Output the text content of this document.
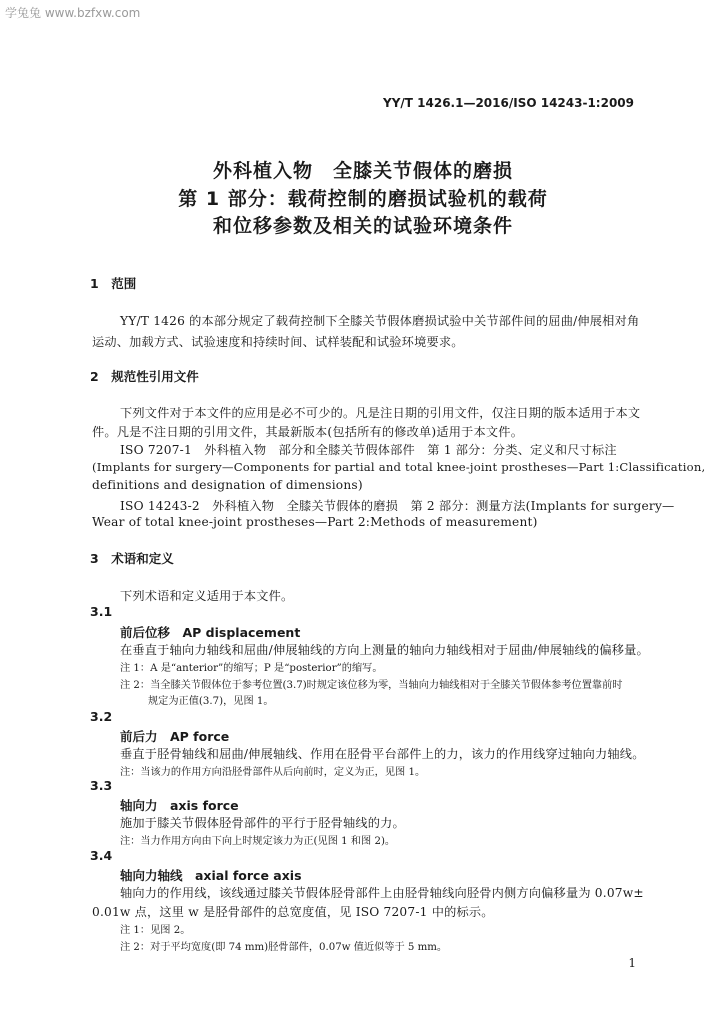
学兔兔 www.bzfxw.com
YY/T 1426.1—2016/ISO 14243-1:2009
外科植入物　全膝关节假体的磨损
第 1 部分：载荷控制的磨损试验机的载荷
和位移参数及相关的试验环境条件
1　范围
YY/T 1426 的本部分规定了载荷控制下全膝关节假体磨损试验中关节部件间的屈曲/伸展相对角
运动、加载方式、试验速度和持续时间、试样装配和试验环境要求。
2　规范性引用文件
下列文件对于本文件的应用是必不可少的。凡是注日期的引用文件，仅注日期的版本适用于本文
件。凡是不注日期的引用文件，其最新版本(包括所有的修改单)适用于本文件。
ISO 7207-1　外科植入物　部分和全膝关节假体部件　第 1 部分：分类、定义和尺寸标注
(Implants for surgery—Components for partial and total knee-joint prostheses—Part 1:Classification,
definitions and designation of dimensions)
ISO 14243-2　外科植入物　全膝关节假体的磨损　第 2 部分：测量方法(Implants for surgery—
Wear of total knee-joint prostheses—Part 2:Methods of measurement)
3　术语和定义
下列术语和定义适用于本文件。
3.1
前后位移　AP displacement
在垂直于轴向力轴线和屈曲/伸展轴线的方向上测量的轴向力轴线相对于屈曲/伸展轴线的偏移量。
注 1：A 是“anterior”的缩写；P 是“posterior”的缩写。
注 2：当全膝关节假体位于参考位置(3.7)时规定该位移为零，当轴向力轴线相对于全膝关节假体参考位置靠前时
规定为正值(3.7)，见图 1。
3.2
前后力　AP force
垂直于胫骨轴线和屈曲/伸展轴线、作用在胫骨平台部件上的力，该力的作用线穿过轴向力轴线。
注：当该力的作用方向沿胫骨部件从后向前时，定义为正，见图 1。
3.3
轴向力　axis force
施加于膝关节假体胫骨部件的平行于胫骨轴线的力。
注：当力作用方向由下向上时规定该力为正(见图 1 和图 2)。
3.4
轴向力轴线　axial force axis
轴向力的作用线，该线通过膝关节假体胫骨部件上由胫骨轴线向胫骨内侧方向偏移量为 0.07w±
0.01w 点，这里 w 是胫骨部件的总宽度值，见 ISO 7207-1 中的标示。
注 1：见图 2。
注 2：对于平均宽度(即 74 mm)胫骨部件，0.07w 值近似等于 5 mm。
1
